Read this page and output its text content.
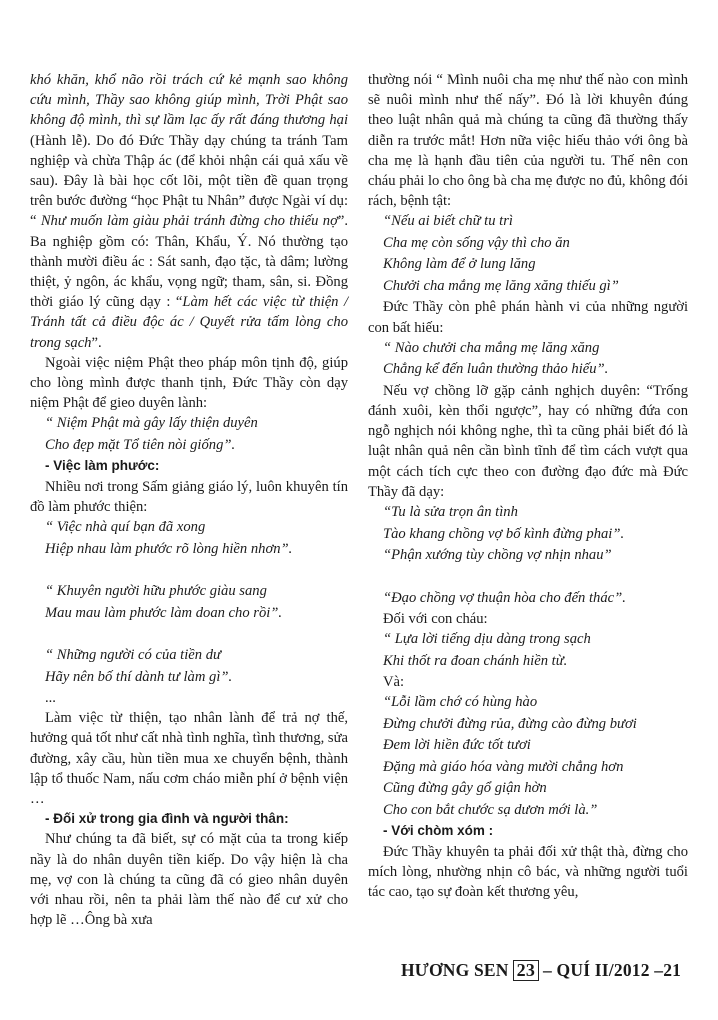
khó khăn, khổ não rồi trách cứ kẻ mạnh sao không cứu mình, Thầy sao không giúp mình, Trời Phật sao không độ mình, thì sự lầm lạc ấy rất đáng thương hại (Hành lễ). Do đó Đức Thầy dạy chúng ta tránh Tam nghiệp và chừa Thập ác (để khỏi nhận cái quả xấu về sau). Đây là bài học cốt lõi, một tiền đề quan trọng trên bước đường “học Phật tu Nhân” được Ngài ví dụ: “ Như muốn làm giàu phải tránh đừng cho thiếu nợ”. Ba nghiệp gồm có: Thân, Khẩu, Ý. Nó thường tạo thành mười điều ác : Sát sanh, đạo tặc, tà dâm; lường thiệt, ỷ ngôn, ác khẩu, vọng ngữ; tham, sân, si. Đồng thời giáo lý cũng dạy : “Làm hết các việc từ thiện / Tránh tất cả điều độc ác / Quyết rửa tấm lòng cho trong sạch”.

Ngoài việc niệm Phật theo pháp môn tịnh độ, giúp cho lòng mình được thanh tịnh, Đức Thầy còn dạy niệm Phật để gieo duyên lành:

“ Niệm Phật mà gây lấy thiện duyên

Cho đẹp mặt Tổ tiên nòi giống”.

- Việc làm phước:

Nhiều nơi trong Sấm giảng giáo lý, luôn khuyên tín đồ làm phước thiện:

“ Việc nhà quí bạn đã xong

Hiệp nhau làm phước rõ lòng hiền nhơn”.

“ Khuyên người hữu phước giàu sang

Mau mau làm phước làm doan cho rồi”.

“ Những người có của tiền dư

Hãy nên bố thí dành tư làm gì”.

...

Làm việc từ thiện, tạo nhân lành để trả nợ thế, hưởng quả tốt như cất nhà tình nghĩa, tình thương, sửa đường, xây cầu, hùn tiền mua xe chuyển bệnh, thành lập tổ thuốc Nam, nấu cơm cháo miễn phí ở bệnh viện …

- Đối xử trong gia đình và người thân:

Như chúng ta đã biết, sự có mặt của ta trong kiếp nầy là do nhân duyên tiền kiếp. Do vậy hiện là cha mẹ, vợ con là chúng ta cũng đã có gieo nhân duyên với nhau rồi, nên ta phải làm thế nào để cư xử cho hợp lẽ …Ông bà xưa

thường nói “ Mình nuôi cha mẹ như thế nào con mình sẽ nuôi mình như thế nấy”. Đó là lời khuyên đúng theo luật nhân quả mà chúng ta cũng đã thường thấy diễn ra trước mắt! Hơn nữa việc hiếu thảo với ông bà cha mẹ là hạnh đầu tiên của người tu. Thế nên con cháu phải lo cho ông bà cha mẹ được no đủ, không đói rách, bệnh tật:

“Nếu ai biết chữ tu trì

Cha mẹ còn sống vậy thì cho ăn

Không làm để ở lung lăng

Chưởi cha mắng mẹ lăng xăng thiếu gì”

Đức Thầy còn phê phán hành vi của những người con bất hiếu:

“ Nào chưởi cha mắng mẹ lăng xăng

Chẳng kể đến luân thường thảo hiếu”.

Nếu vợ chồng lỡ gặp cảnh nghịch duyên: “Trống đánh xuôi, kèn thổi ngược”, hay có những đứa con ngỗ nghịch nói không nghe, thì ta cũng phải biết đó là luật nhân quả nên cần bình tĩnh để tìm cách vượt qua một cách tích cực theo con đường đạo đức mà Đức Thầy đã dạy:

“Tu là sửa trọn ân tình

Tào khang chồng vợ bố kình đừng phai”.

“Phận xướng tùy chồng vợ nhịn nhau”

“Đạo chồng vợ thuận hòa cho đến thác”.

Đối với con cháu:

“ Lựa lời tiếng dịu dàng trong sạch

Khi thốt ra đoan chánh hiền từ.

Và:

“Lỗi lầm chớ có hùng hào

Đừng chưởi đừng rủa, đừng cào đừng bươi

Đem lời hiền đức tốt tươi

Đặng mà giáo hóa vàng mười chẳng hơn

Cũng đừng gây gổ giận hờn

Cho con bắt chước sạ dươn mới là.”

- Với chòm xóm :

Đức Thầy khuyên ta phải đối xử thật thà, đừng cho mích lòng, nhường nhịn cô bác, và những người tuổi tác cao, tạo sự đoàn kết thương yêu,

HƯƠNG SEN 23 – QUÍ II/2012 – 21
